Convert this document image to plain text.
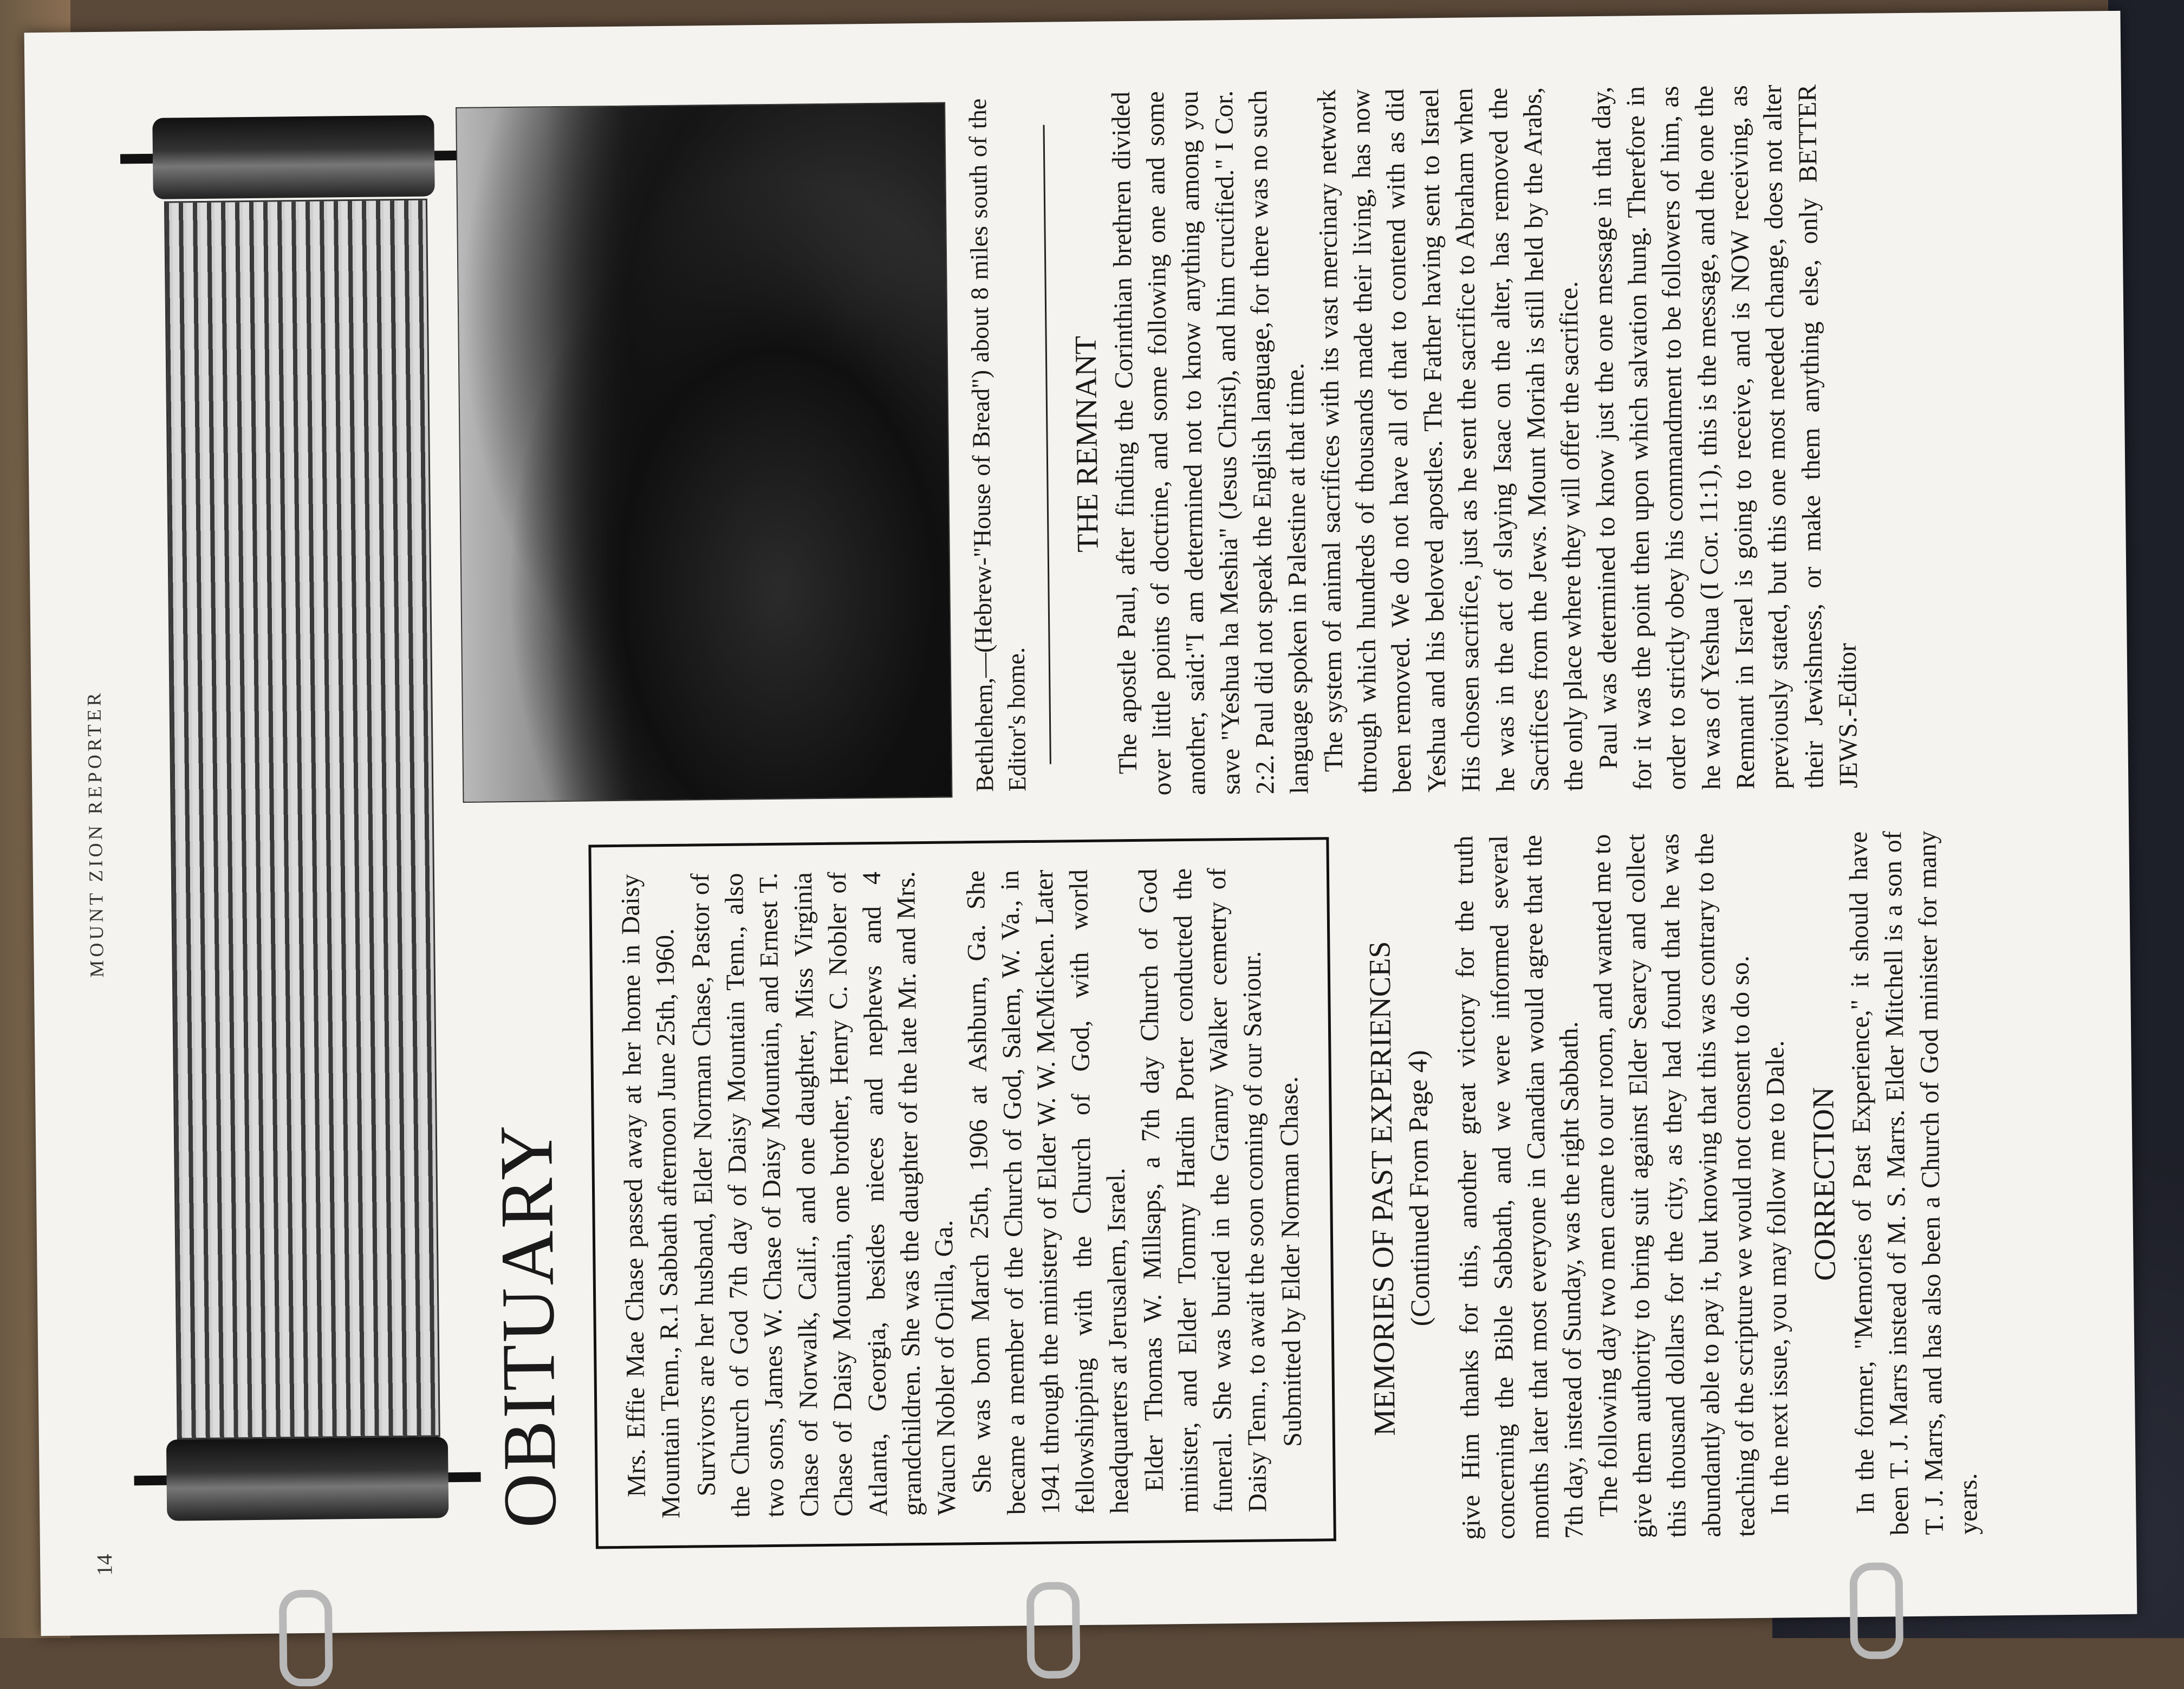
14
MOUNT ZION REPORTER
OBITUARY Mrs. Effie Mae Chase passed away at her home in Daisy Mountain Tenn., R.1 Sabbath afternoon June 25th, 1960. Survivors are her husband, Elder Norman Chase, Pastor of the Church of God 7th day of Daisy Mountain Tenn., also two sons, James W. Chase of Daisy Mountain, and Ernest T. Chase of Norwalk, Calif., and one daughter, Miss Virginia Chase of Daisy Mountain, one brother, Henry C. Nobler of Atlanta, Georgia, besides nieces and nephews and 4 grandchildren. She was the daughter of the late Mr. and Mrs. Waucn Nobler of Orilla, Ga. She was born March 25th, 1906 at Ashburn, Ga. She became a member of the Church of God, Salem, W. Va., in 1941 through the ministery of Elder W. W. McMicken. Later fellowshipping with the Church of God, with world headquarters at Jerusalem, Israel. Elder Thomas W. Millsaps, a 7th day Church of God minister, and Elder Tommy Hardin Porter conducted the funeral. She was buried in the Granny Walker cemetry of Daisy Tenn., to await the soon coming of our Saviour. Submitted by Elder Norman Chase. MEMORIES OF PAST EXPERIENCES (Continued From Page 4) give Him thanks for this, another great victory for the truth concerning the Bible Sabbath, and we were informed several months later that most everyone in Canadian would agree that the 7th day, instead of Sunday, was the right Sabbath.

The following day two men came to our room, and wanted me to give them authority to bring suit against Elder Searcy and collect this thousand dollars for the city, as they had found that he was abundantly able to pay it, but knowing that this was contrary to the teaching of the scripture we would not consent to do so. In the next issue, you may follow me to Dale. CORRECTION In the former, "Memories of Past Experience," it should have been T. J. Marrs instead of M. S. Marrs. Elder Mitchell is a son of T. J. Marrs, and has also been a Church of God minister for many years.

Bethlehem,—(Hebrew-"House of Bread") about 8 miles south of the Editor's home.
THE REMNANT The apostle Paul, after finding the Corinthian brethren divided over little points of doctrine, and some following one and some another, said:"I am determined not to know anything among you save "Yeshua ha Meshia" (Jesus Christ), and him crucified." I Cor. 2:2. Paul did not speak the English language, for there was no such language spoken in Palestine at that time.

The system of animal sacrifices with its vast mercinary network through which hundreds of thousands made their living, has now been removed. We do not have all of that to contend with as did Yeshua and his beloved apostles. The Father having sent to Israel His chosen sacrifice, just as he sent the sacrifice to Abraham when he was in the act of slaying Isaac on the alter, has removed the Sacrifices from the Jews. Mount Moriah is still held by the Arabs, the only place where they will offer the sacrifice.

Paul was determined to know just the one message in that day, for it was the point then upon which salvation hung. Therefore in order to strictly obey his commandment to be followers of him, as he was of Yeshua (I Cor. 11:1), this is the message, and the one the Remnant in Israel is going to receive, and is NOW receiving, as previously stated, but this one most needed change, does not alter their Jewishness, or make them anything else, only BETTER JEWS.-Editor
